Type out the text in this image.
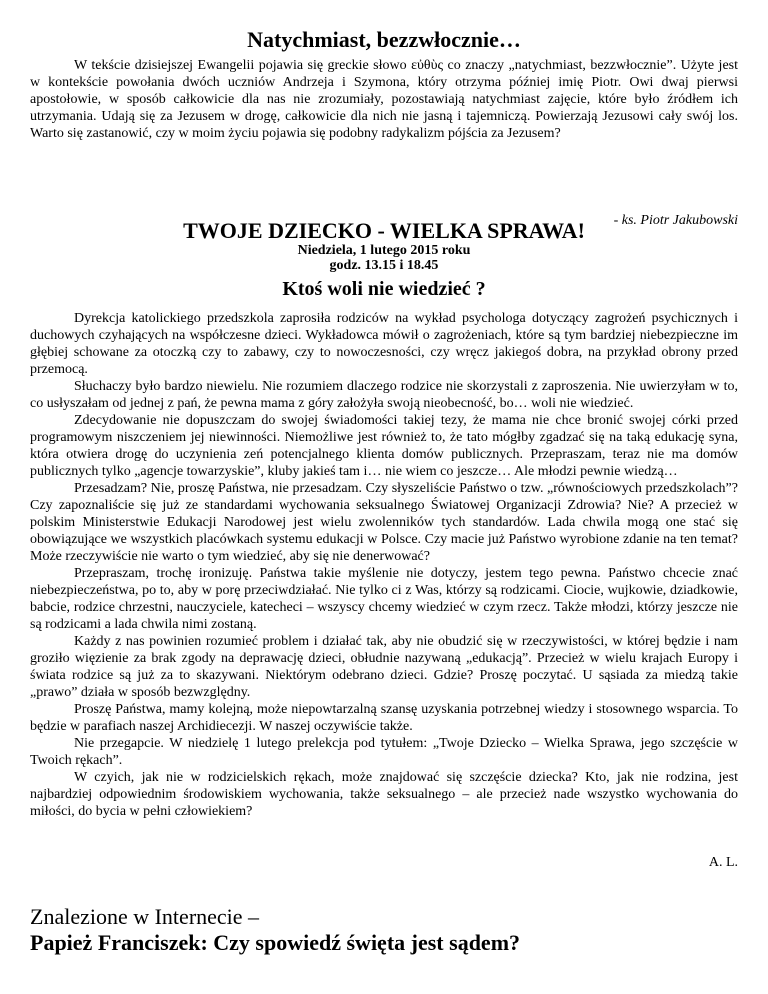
Natychmiast, bezzwłocznie…

W tekście dzisiejszej Ewangelii pojawia się greckie słowo εὐθὺς co znaczy „natychmiast, bezzwłocznie”. Użyte jest w kontekście powołania dwóch uczniów Andrzeja i Szymona, który otrzyma później imię Piotr. Owi dwaj pierwsi apostołowie, w sposób całkowicie dla nas nie zrozumiały, pozostawiają natychmiast zajęcie, które było źródłem ich utrzymania. Udają się za Jezusem w drogę, całkowicie dla nich nie jasną i tajemniczą. Powierzają Jezusowi cały swój los. Warto się zastanowić, czy w moim życiu pojawia się podobny radykalizm pójścia za Jezusem?

- ks. Piotr Jakubowski
TWOJE DZIECKO - WIELKA SPRAWA!
Niedziela, 1 lutego 2015 roku
godz. 13.15 i 18.45
Ktoś woli nie wiedzieć ?

Dyrekcja katolickiego przedszkola zaprosiła rodziców na wykład psychologa dotyczący zagrożeń psychicznych i duchowych czyhających na współczesne dzieci. Wykładowca mówił o zagrożeniach, które są tym bardziej niebezpieczne im głębiej schowane za otoczką czy to zabawy, czy to nowoczesności, czy wręcz jakiegoś dobra, na przykład obrony przed przemocą.

Słuchaczy było bardzo niewielu. Nie rozumiem dlaczego rodzice nie skorzystali z zaproszenia. Nie uwierzyłam w to, co usłyszałam od jednej z pań, że pewna mama z góry założyła swoją nieobecność, bo… woli nie wiedzieć.

Zdecydowanie nie dopuszczam do swojej świadomości takiej tezy, że mama nie chce bronić swojej córki przed programowym niszczeniem jej niewinności. Niemożliwe jest również to, że tato mógłby zgadzać się na taką edukację syna, która otwiera drogę do uczynienia zeń potencjalnego klienta domów publicznych. Przepraszam, teraz nie ma domów publicznych tylko „agencje towarzyskie”, kluby jakieś tam i… nie wiem co jeszcze… Ale młodzi pewnie wiedzą…

Przesadzam? Nie, proszę Państwa, nie przesadzam. Czy słyszeliście Państwo o tzw. „równościowych przedszkolach”? Czy zapoznaliście się już ze standardami wychowania seksualnego Światowej Organizacji Zdrowia? Nie? A przecież w polskim Ministerstwie Edukacji Narodowej jest wielu zwolenników tych standardów. Lada chwila mogą one stać się obowiązujące we wszystkich placówkach systemu edukacji w Polsce. Czy macie już Państwo wyrobione zdanie na ten temat? Może rzeczywiście nie warto o tym wiedzieć, aby się nie denerwować?

Przepraszam, trochę ironizuję. Państwa takie myślenie nie dotyczy, jestem tego pewna. Państwo chcecie znać niebezpieczeństwa, po to, aby w porę przeciwdziałać. Nie tylko ci z Was, którzy są rodzicami. Ciocie, wujkowie, dziadkowie, babcie, rodzice chrzestni, nauczyciele, katecheci – wszyscy chcemy wiedzieć w czym rzecz. Także młodzi, którzy jeszcze nie są rodzicami a lada chwila nimi zostaną.

Każdy z nas powinien rozumieć problem i działać tak, aby nie obudzić się w rzeczywistości, w której będzie i nam groziło więzienie za brak zgody na deprawację dzieci, obłudnie nazywaną „edukacją”. Przecież w wielu krajach Europy i świata rodzice są już za to skazywani. Niektórym odebrano dzieci. Gdzie? Proszę poczytać. U sąsiada za miedzą takie „prawo” działa w sposób bezwzględny.

Proszę Państwa, mamy kolejną, może niepowtarzalną szansę uzyskania potrzebnej wiedzy i stosownego wsparcia. To będzie w parafiach naszej Archidiecezji. W naszej oczywiście także.

Nie przegapcie. W niedzielę 1 lutego prelekcja pod tytułem: „Twoje Dziecko – Wielka Sprawa, jego szczęście w Twoich rękach”.

W czyich, jak nie w rodzicielskich rękach, może znajdować się szczęście dziecka? Kto, jak nie rodzina, jest najbardziej odpowiednim środowiskiem wychowania, także seksualnego – ale przecież nade wszystko wychowania do miłości, do bycia w pełni człowiekiem?

A. L.
Znalezione w Internecie –
Papież Franciszek: Czy spowiedź święta jest sądem?
